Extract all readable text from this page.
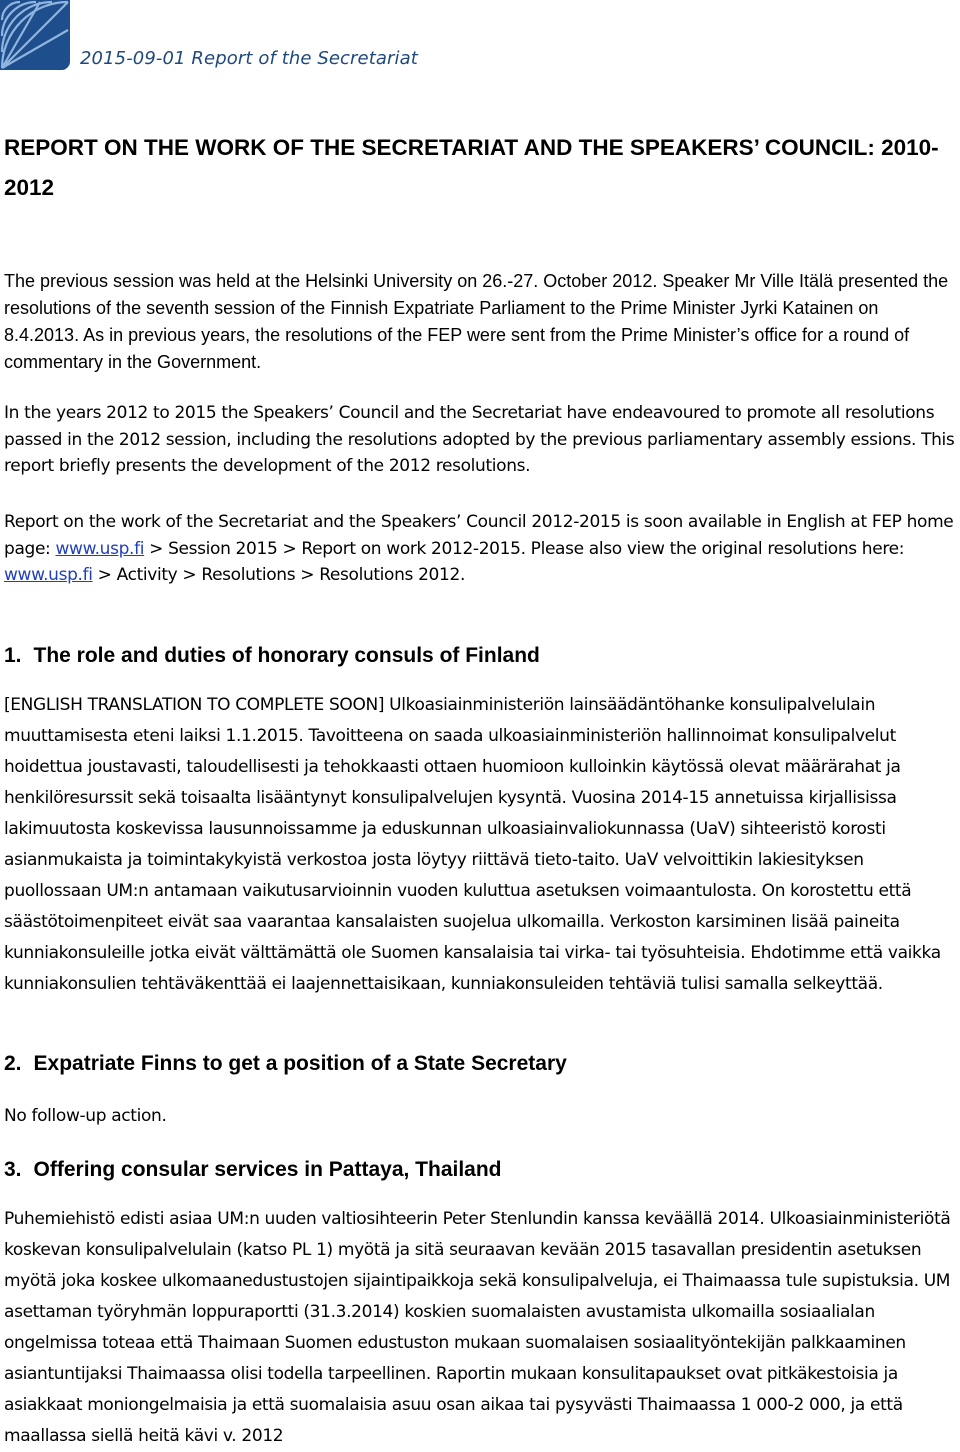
2015-09-01 Report of the Secretariat
REPORT ON THE WORK OF THE SECRETARIAT AND THE SPEAKERS’ COUNCIL: 2010-2012

The previous session was held at the Helsinki University on 26.-27. October 2012. Speaker Mr Ville Itälä presented the resolutions of the seventh session of the Finnish Expatriate Parliament to the Prime Minister Jyrki Katainen on 8.4.2013. As in previous years, the resolutions of the FEP were sent from the Prime Minister’s office for a round of commentary in the Government.

In the years 2012 to 2015 the Speakers’ Council and the Secretariat have endeavoured to promote all resolutions passed in the 2012 session, including the resolutions adopted by the previous parliamentary assembly essions. This report briefly presents the development of the 2012 resolutions.

Report on the work of the Secretariat and the Speakers’ Council 2012-2015 is soon available in English at FEP home page: www.usp.fi > Session 2015 > Report on work 2012-2015. Please also view the original resolutions here: www.usp.fi > Activity > Resolutions > Resolutions 2012.

1. The role and duties of honorary consuls of Finland

[ENGLISH TRANSLATION TO COMPLETE SOON] Ulkoasiainministeriön lainsäädäntöhanke konsulipalvelulain muuttamisesta eteni laiksi 1.1.2015. Tavoitteena on saada ulkoasiainministeriön hallinnoimat konsulipalvelut hoidettua joustavasti, taloudellisesti ja tehokkaasti ottaen huomioon kulloinkin käytössä olevat määrärahat ja henkilöresurssit sekä toisaalta lisääntynyt konsulipalvelujen kysyntä. Vuosina 2014-15 annetuissa kirjallisissa lakimuutosta koskevissa lausunnoissamme ja eduskunnan ulkoasiainvaliokunnassa (UaV) sihteeristö korosti asianmukaista ja toimintakykyistä verkostoa josta löytyy riittävä tieto-taito. UaV velvoittikin lakiesityksen puollossaan UM:n antamaan vaikutusarvioinnin vuoden kuluttua asetuksen voimaantulosta. On korostettu että säästötoimenpiteet eivät saa vaarantaa kansalaisten suojelua ulkomailla. Verkoston karsiminen lisää paineita kunniakonsuleille jotka eivät välttämättä ole Suomen kansalaisia tai virka- tai työsuhteisia. Ehdotimme että vaikka kunniakonsulien tehtäväkenttää ei laajennettaisikaan, kunniakonsuleiden tehtäviä tulisi samalla selkeyttää.

2. Expatriate Finns to get a position of a State Secretary

No follow-up action.

3. Offering consular services in Pattaya, Thailand

Puhemiehistö edisti asiaa UM:n uuden valtiosihteerin Peter Stenlundin kanssa keväällä 2014. Ulkoasiainministeriötä koskevan konsulipalvelulain (katso PL 1) myötä ja sitä seuraavan kevään 2015 tasavallan presidentin asetuksen myötä joka koskee ulkomaanedustustojen sijaintipaikkoja sekä konsulipalveluja, ei Thaimaassa tule supistuksia. UM asettaman työryhmän loppuraportti (31.3.2014) koskien suomalaisten avustamista ulkomailla sosiaalialan ongelmissa toteaa että Thaimaan Suomen edustuston mukaan suomalaisen sosiaalityöntekijän palkkaaminen asiantuntijaksi Thaimaassa olisi todella tarpeellinen. Raportin mukaan konsulitapaukset ovat pitkäkestoisia ja asiakkaat moniongelmaisia ja että suomalaisia asuu osan aikaa tai pysyvästi Thaimaassa 1 000-2 000, ja että maallassa siellä heitä kävi v. 2012
